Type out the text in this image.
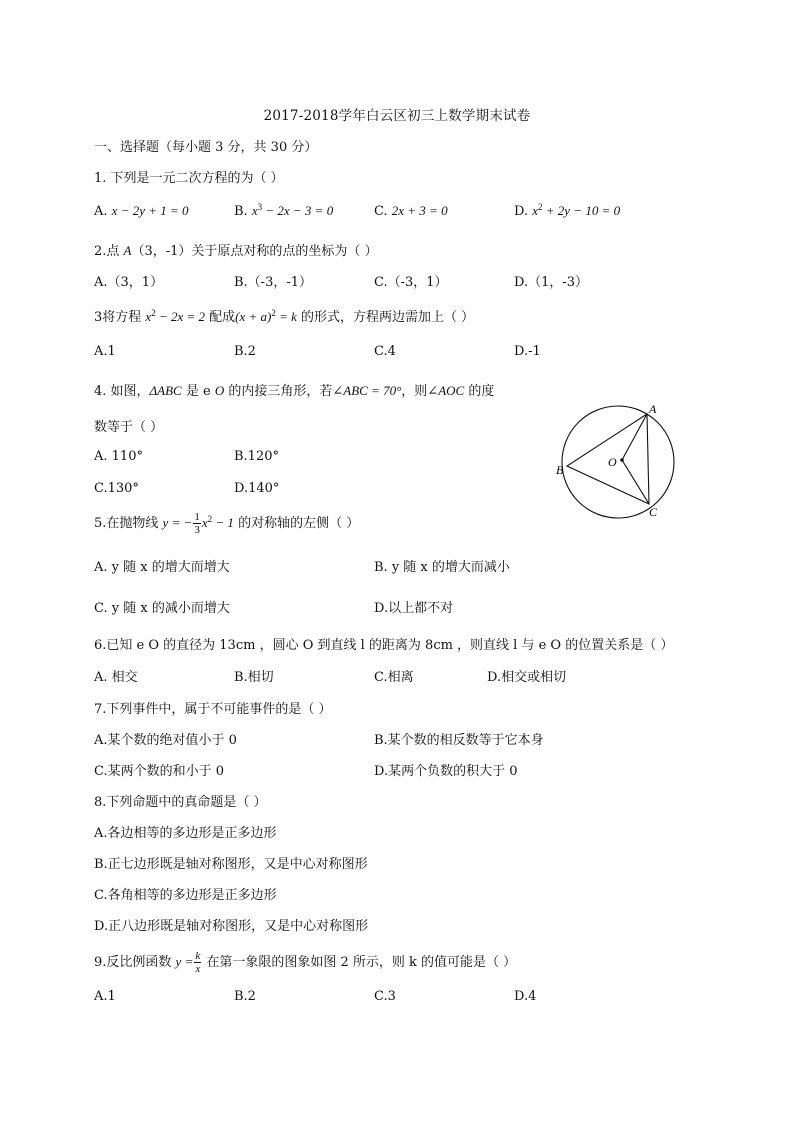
2017-2018学年白云区初三上数学期末试卷
一、选择题（每小题 3 分，共 30 分）
1. 下列是一元二次方程的为（ ）
A. x − 2y + 1 = 0	B. $x^3 - 2x - 3 = 0$	C. 2x + 3 = 0	D. $x^2 + 2y - 10 = 0$
2.点 A（3，-1）关于原点对称的点的坐标为（ ）
A.（3，1）	B.（-3，-1）	C.（-3，1）	D.（1，-3）
3将方程 $x^2 - 2x = 2$ 配成$(x + a)^2 = k$ 的形式，方程两边需加上（ ）
A.1	B.2	C.4	D.-1
4. 如图，ΔABC 是 e O 的内接三角形，若∠ABC = 70°，则∠AOC 的度
数等于（ ）
A. 110°	B.120°
C.130°	D.140°
A
B
C
O
5.在抛物线 y = − $\frac{1}{3} x^2 - 1$ 的对称轴的左侧（ ）
A. y 随 x 的增大而增大	B. y 随 x 的增大而减小
C. y 随 x 的减小而增大	D.以上都不对
6.已知 e O 的直径为 13cm ，圆心 O 到直线 l 的距离为 8cm ，则直线 l 与 e O 的位置关系是（ ）
A. 相交	B.相切	C.相离	D.相交或相切
7.下列事件中，属于不可能事件的是（ ）
A.某个数的绝对值小于 0	B.某个数的相反数等于它本身
C.某两个数的和小于 0	D.某两个负数的积大于 0
8.下列命题中的真命题是（ ）
A.各边相等的多边形是正多边形
B.正七边形既是轴对称图形，又是中心对称图形
C.各角相等的多边形是正多边形
D.正八边形既是轴对称图形，又是中心对称图形
9.反比例函数 $y = \frac{k}{x}$ 在第一象限的图象如图 2 所示，则 k 的值可能是（ ）
A.1	B.2	C.3	D.4
